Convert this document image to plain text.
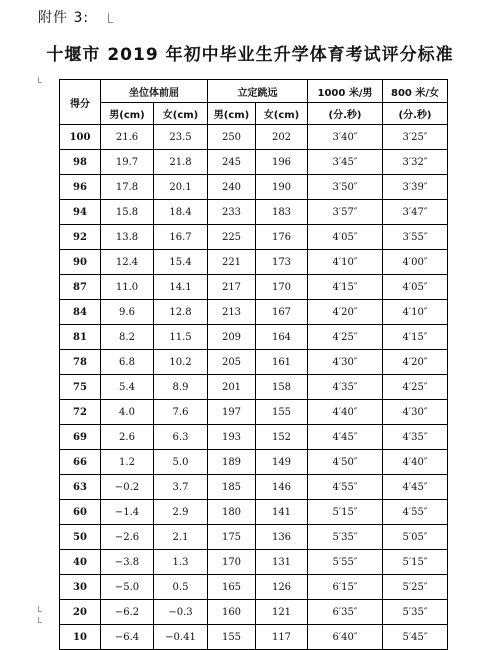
附件 3:
十堰市 2019 年初中毕业生升学体育考试评分标准
得分	坐位体前屈		立定跳远		1000 米/男	800 米/女
	男(cm)	女(cm)	男(cm)	女(cm)	(分.秒)	(分.秒)
100	21.6	23.5	250	202	3′40″	3′25″
98	19.7	21.8	245	196	3′45″	3′32″
96	17.8	20.1	240	190	3′50″	3′39″
94	15.8	18.4	233	183	3′57″	3′47″
92	13.8	16.7	225	176	4′05″	3′55″
90	12.4	15.4	221	173	4′10″	4′00″
87	11.0	14.1	217	170	4′15″	4′05″
84	9.6	12.8	213	167	4′20″	4′10″
81	8.2	11.5	209	164	4′25″	4′15″
78	6.8	10.2	205	161	4′30″	4′20″
75	5.4	8.9	201	158	4′35″	4′25″
72	4.0	7.6	197	155	4′40″	4′30″
69	2.6	6.3	193	152	4′45″	4′35″
66	1.2	5.0	189	149	4′50″	4′40″
63	−0.2	3.7	185	146	4′55″	4′45″
60	−1.4	2.9	180	141	5′15″	4′55″
50	−2.6	2.1	175	136	5′35″	5′05″
40	−3.8	1.3	170	131	5′55″	5′15″
30	−5.0	0.5	165	126	6′15″	5′25″
20	−6.2	−0.3	160	121	6′35″	5′35″
10	−6.4	−0.41	155	117	6′40″	5′45″
